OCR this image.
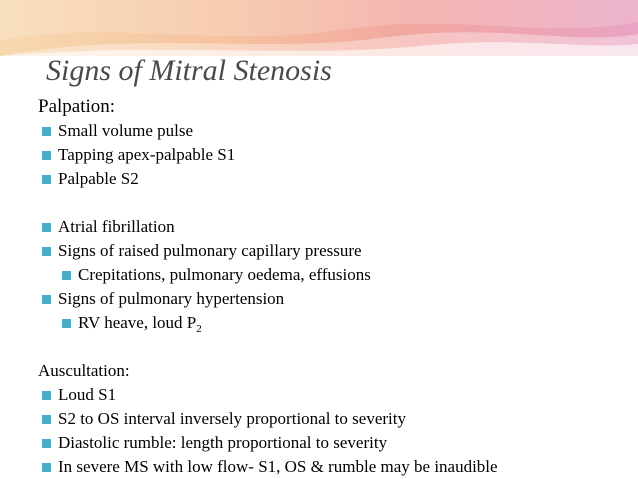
Signs of Mitral Stenosis
Palpation:
Small volume pulse
Tapping apex-palpable S1
Palpable S2
Atrial fibrillation
Signs of raised pulmonary capillary pressure
Crepitations, pulmonary oedema, effusions
Signs of pulmonary hypertension
RV heave, loud $P_2$
Auscultation:
Loud S1
S2 to OS interval inversely proportional to severity
Diastolic rumble: length proportional to severity
In severe MS with low flow- S1, OS & rumble may be inaudible
